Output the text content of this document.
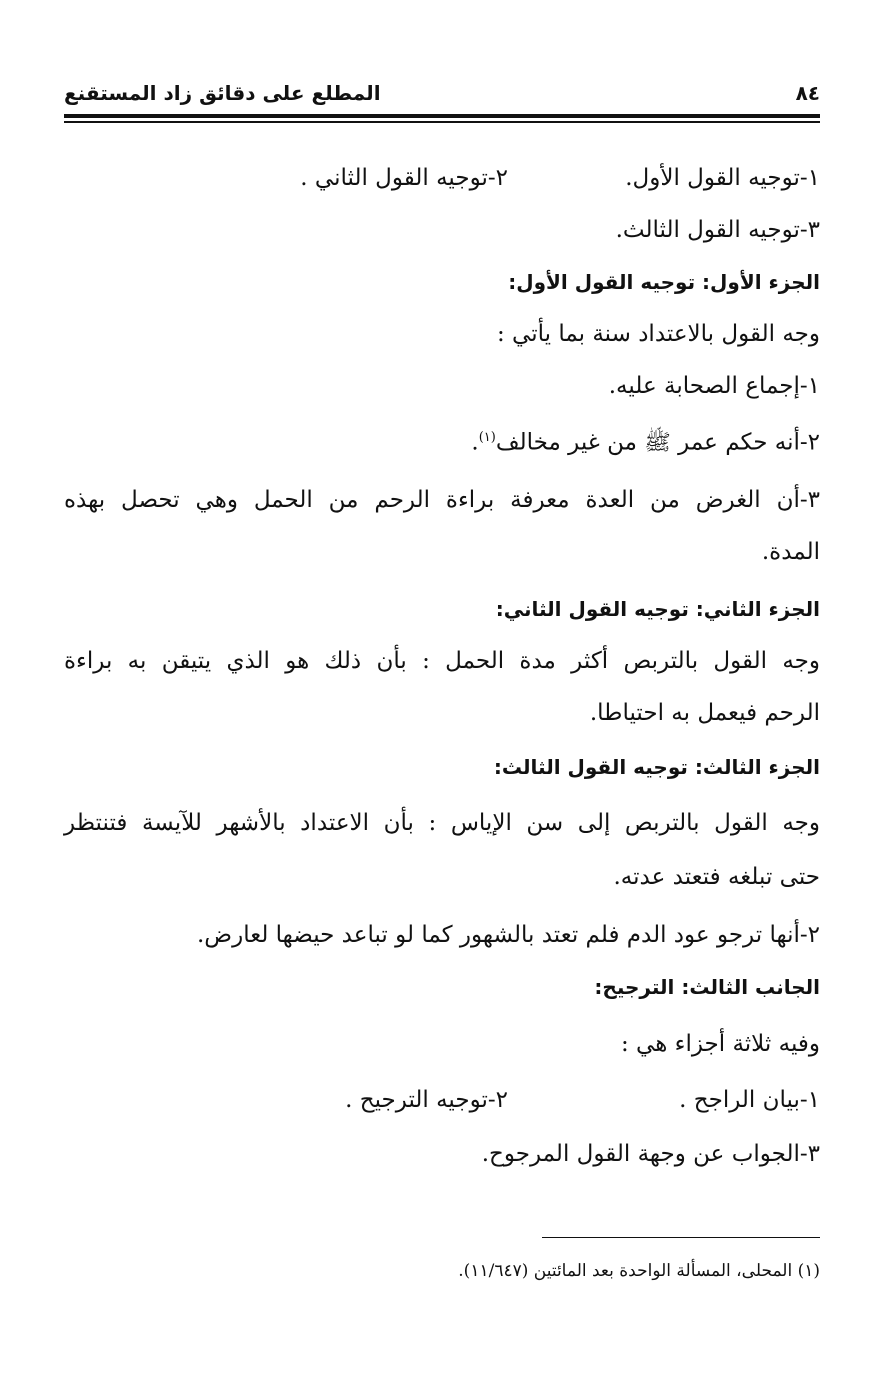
٨٤
المطلع على دقائق زاد المستقنع
١-توجيه القول الأول.
٢-توجيه القول الثاني .
٣-توجيه القول الثالث.
الجزء الأول: توجيه القول الأول:
وجه القول بالاعتداد سنة بما يأتي :
١-إجماع الصحابة عليه.
٢-أنه حكم عمر ﷺ من غير مخالف$^{(١)}$.
٣-أن الغرض من العدة معرفة براءة الرحم من الحمل وهي تحصل بهذه
المدة.
الجزء الثاني: توجيه القول الثاني:
وجه القول بالتربص أكثر مدة الحمل : بأن ذلك هو الذي يتيقن به براءة
الرحم فيعمل به احتياطا.
الجزء الثالث: توجيه القول الثالث:
وجه القول بالتربص إلى سن الإياس : بأن الاعتداد بالأشهر للآيسة فتنتظر
حتى تبلغه فتعتد عدته.
٢-أنها ترجو عود الدم فلم تعتد بالشهور كما لو تباعد حيضها لعارض.
الجانب الثالث: الترجيح:
وفيه ثلاثة أجزاء هي :
١-بيان الراجح .
٢-توجيه الترجيح .
٣-الجواب عن وجهة القول المرجوح.
(١) المحلى، المسألة الواحدة بعد المائتين (١١/٦٤٧).
